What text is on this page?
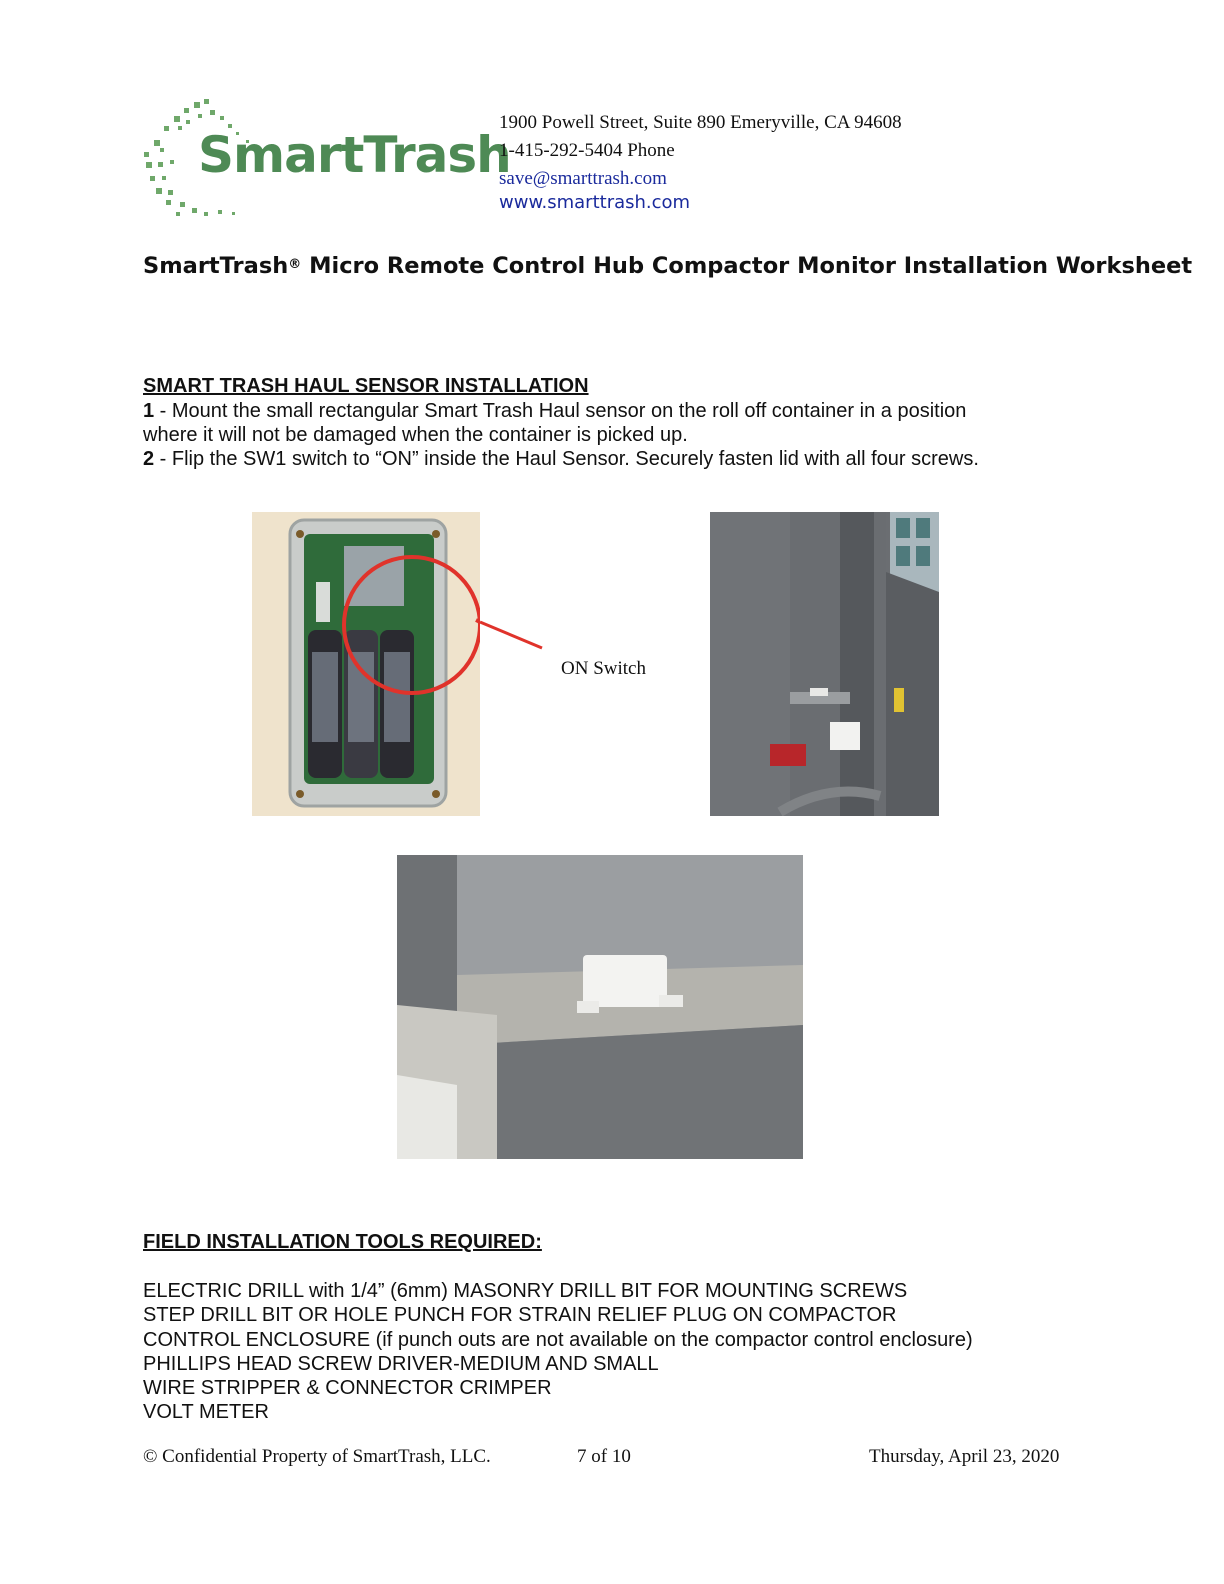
SmartTrash
1900 Powell Street, Suite 890 Emeryville, CA 94608
1-415-292-5404 Phone
save@smarttrash.com
www.smarttrash.com
SmartTrash® Micro Remote Control Hub Compactor Monitor Installation Worksheet
SMART TRASH HAUL SENSOR INSTALLATION
1 - Mount the small rectangular Smart Trash Haul sensor on the roll off container in a position
where it will not be damaged when the container is picked up.
2 - Flip the SW1 switch to “ON” inside the Haul Sensor. Securely fasten lid with all four screws.
ON Switch
FIELD INSTALLATION TOOLS REQUIRED:
ELECTRIC DRILL with 1/4” (6mm) MASONRY DRILL BIT FOR MOUNTING SCREWS
STEP DRILL BIT OR HOLE PUNCH FOR STRAIN RELIEF PLUG ON COMPACTOR
CONTROL ENCLOSURE (if punch outs are not available on the compactor control enclosure)
PHILLIPS HEAD SCREW DRIVER-MEDIUM AND SMALL
WIRE STRIPPER & CONNECTOR CRIMPER
VOLT METER
© Confidential Property of SmartTrash, LLC.	7 of 10	Thursday, April 23, 2020
